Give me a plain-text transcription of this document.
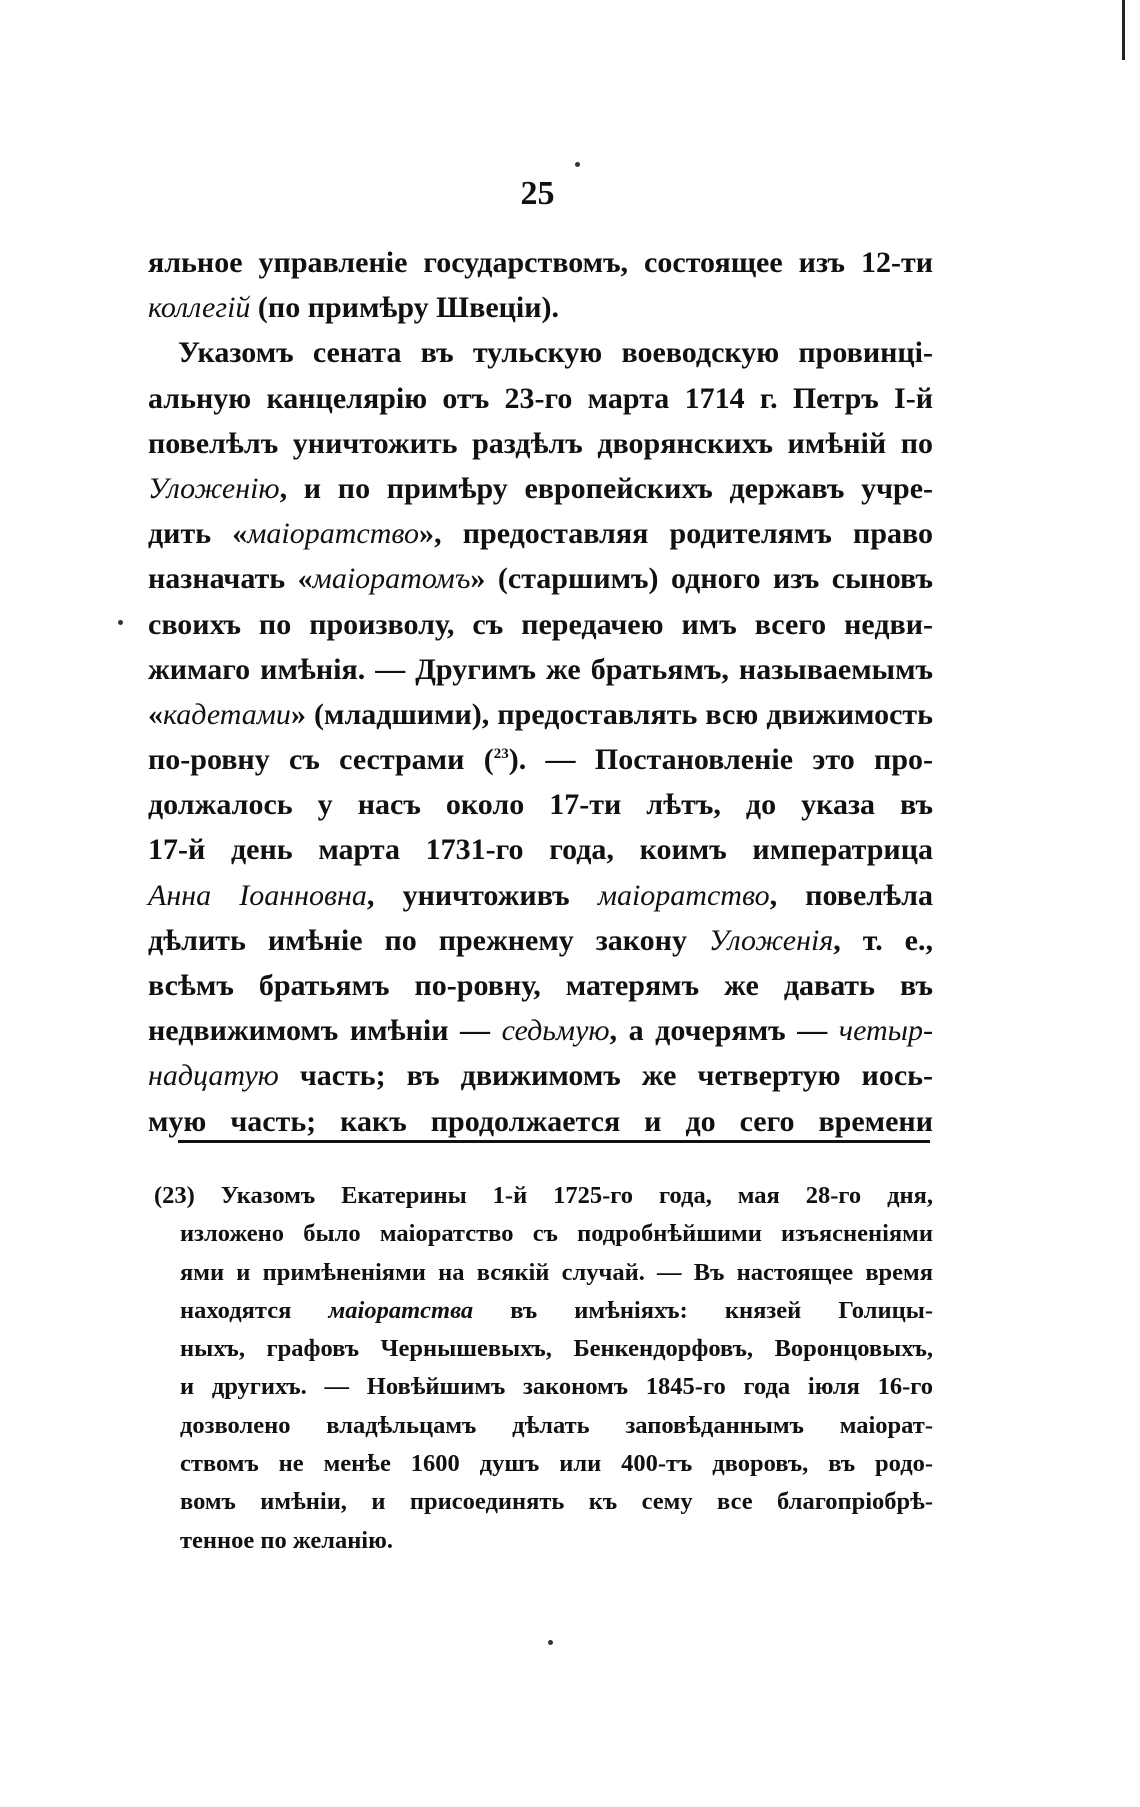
25
яльное управленіе государствомъ, состоящее изъ 12-ти
коллегій (по примѣру Швеціи).
Указомъ сената въ тульскую воеводскую провинці-
альную канцелярію отъ 23-го марта 1714 г. Петръ І-й
повелѣлъ уничтожить раздѣлъ дворянскихъ имѣній по
Уложенію, и по примѣру европейскихъ державъ учре-
дить «маіоратство», предоставляя родителямъ право
назначать «маіоратомъ» (старшимъ) одного изъ сыновъ
своихъ по произволу, съ передачею имъ всего недви-
жимаго имѣнія. — Другимъ же братьямъ, называемымъ
«кадетами» (младшими), предоставлять всю движимость
по-ровну съ сестрами ($^{23}$). — Постановленіе это про-
должалось у насъ около 17-ти лѣтъ, до указа въ
17-й день марта 1731-го года, коимъ императрица
Анна Іоанновна, уничтоживъ маіоратство, повелѣла
дѣлить имѣніе по прежнему закону Уложенія, т. е.,
всѣмъ братьямъ по-ровну, матерямъ же давать въ
недвижимомъ имѣніи — седьмую, а дочерямъ — четыр-
надцатую часть; въ движимомъ же четвертую иось-
мую часть; какъ продолжается и до сего времени
(23) Указомъ Екатерины 1-й 1725-го года, мая 28-го дня,
изложено было маіоратство съ подробнѣйшими изъясненіями
ями и примѣненіями на всякій случай. — Въ настоящее время
находятся маіоратства въ имѣніяхъ: князей Голицы-
ныхъ, графовъ Чернышевыхъ, Бенкендорфовъ, Воронцовыхъ,
и другихъ. — Новѣйшимъ закономъ 1845-го года іюля 16-го
дозволено владѣльцамъ дѣлать заповѣданнымъ маіорат-
ствомъ не менѣе 1600 душъ или 400-тъ дворовъ, въ родо-
вомъ имѣніи, и присоединять къ сему все благопріобрѣ-
тенное по желанію.
